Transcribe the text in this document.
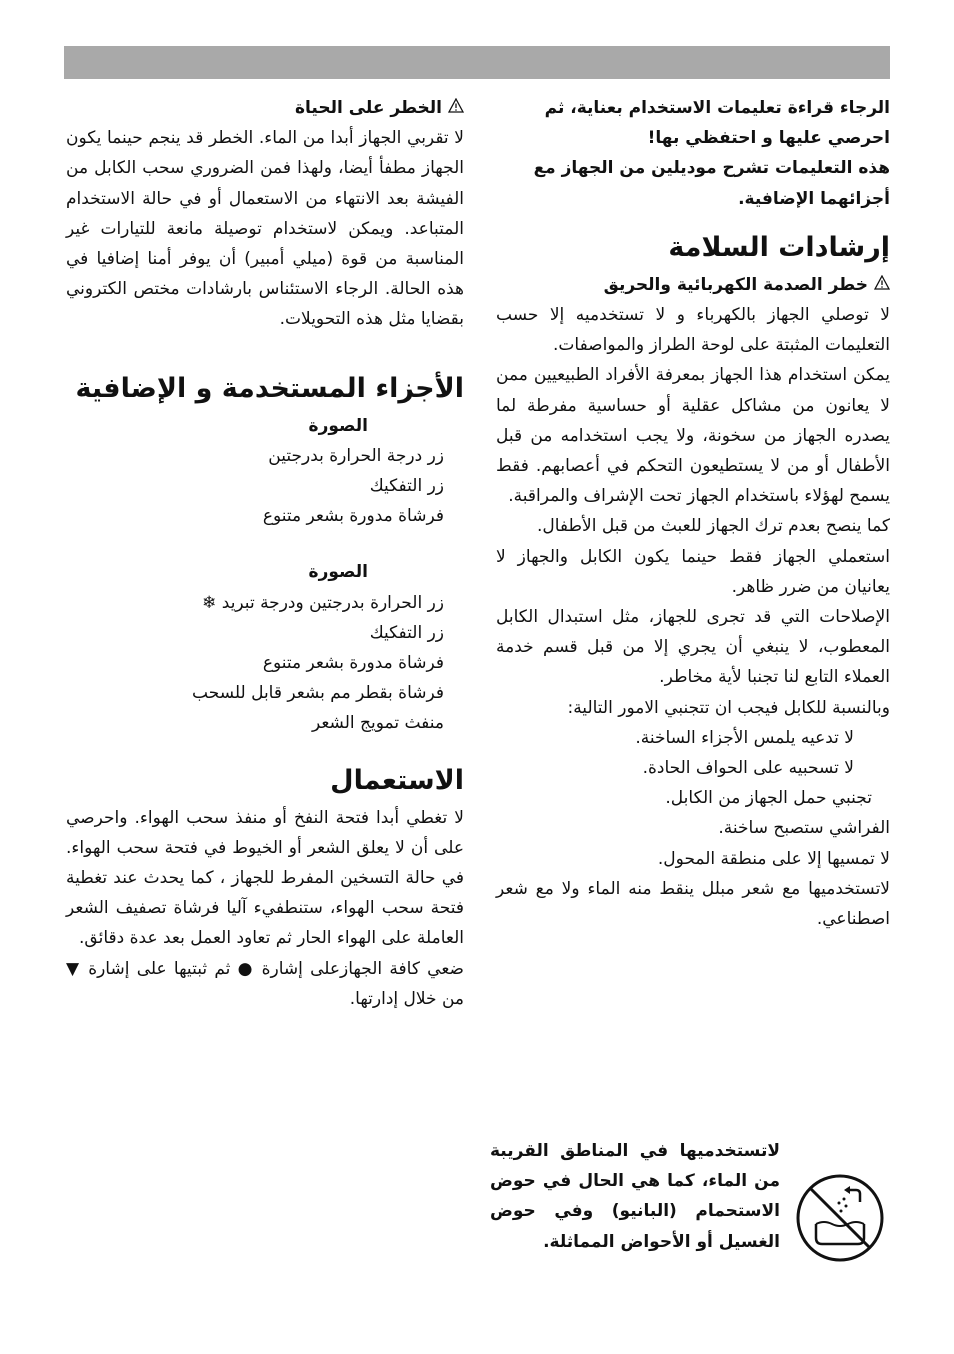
الرجاء قراءة تعليمات الاستخدام بعناية، ثم

احرصي عليها و احتفظي بها!

هذه التعليمات تشرح موديلين من الجهاز مع

أجزائهما الإضافية.

إرشادات السلامة
خطر الصدمة الكهربائية والحريق

لا توصلي الجهاز بالكهرباء و لا تستخدميه إلا حسب التعليمات المثبتة على لوحة الطراز والمواصفات.

يمكن استخدام هذا الجهاز بمعرفة الأفراد الطبيعيين ممن لا يعانون من مشاكل عقلية أو حساسية مفرطة لما يصدره الجهاز من سخونة، ولا يجب استخدامه من قبل الأطفال أو من لا يستطيعون التحكم في أعصابهم. فقط يسمح لهؤلاء باستخدام الجهاز تحت الإشراف والمراقبة.

كما ينصح بعدم ترك الجهاز للعبث من قبل الأطفال.

استعملي الجهاز فقط حينما يكون الكابل والجهاز لا يعانيان من ضرر ظاهر.

الإصلاحات التي قد تجرى للجهاز، مثل استبدال الكابل المعطوب، لا ينبغي أن يجري إلا من قبل قسم خدمة العملاء التابع لنا تجنبا لأية مخاطر.

وبالنسبة للكابل فيجب ان تتجنبي الامور التالية:

لا تدعيه يلمس الأجزاء الساخنة.

لا تسحبيه على الحواف الحادة.

تجنبي حمل الجهاز من الكابل.

الفراشي ستصبح ساخنة.

لا تمسيها إلا على منطقة المحول.

لاتستخدميها مع شعر مبلل ينقط منه الماء ولا مع شعر اصطناعي.

لاتستخدميها في المناطق القريبة من الماء، كما هي الحال في حوض الاستحمام (البانيو) وفي حوض الغسيل أو الأحواض المماثلة.
الخطر على الحياة

لا تقربي الجهاز أبدا من الماء. الخطر قد ينجم حينما يكون الجهاز مطفأ أيضا، ولهذا فمن الضروري سحب الكابل من الفيشة بعد الانتهاء من الاستعمال أو في حالة الاستخدام المتباعد. ويمكن لاستخدام توصيلة مانعة للتيارات غير المناسبة من قوة (ميلي أمبير) أن يوفر أمنا إضافيا في هذه الحالة. الرجاء الاستئناس بارشادات مختص الكتروني بقضايا مثل هذه التحويلات.

الأجزاء المستخدمة و الإضافية
الصورة

زر درجة الحرارة بدرجتين

زر التفكيك

فرشاة مدورة بشعر متنوع

الصورة

زر الحرارة بدرجتين ودرجة تبريد ❄

زر التفكيك

فرشاة مدورة بشعر متنوع

فرشاة بقطر مم بشعر قابل للسحب

منفث تمويج الشعر

الاستعمال

لا تغطي أبدا فتحة النفخ أو منفذ سحب الهواء. واحرصي على أن لا يعلق الشعر أو الخيوط في فتحة سحب الهواء. في حالة التسخين المفرط للجهاز ، كما يحدث عند تغطية فتحة سحب الهواء، ستنطفيء آليا فرشاة تصفيف الشعر العاملة على الهواء الحار ثم تعاود العمل بعد عدة دقائق.

ضعي كافة الجهازعلى إشارة ● ثم ثبتيها على إشارة ▼ من خلال إدارتها.
